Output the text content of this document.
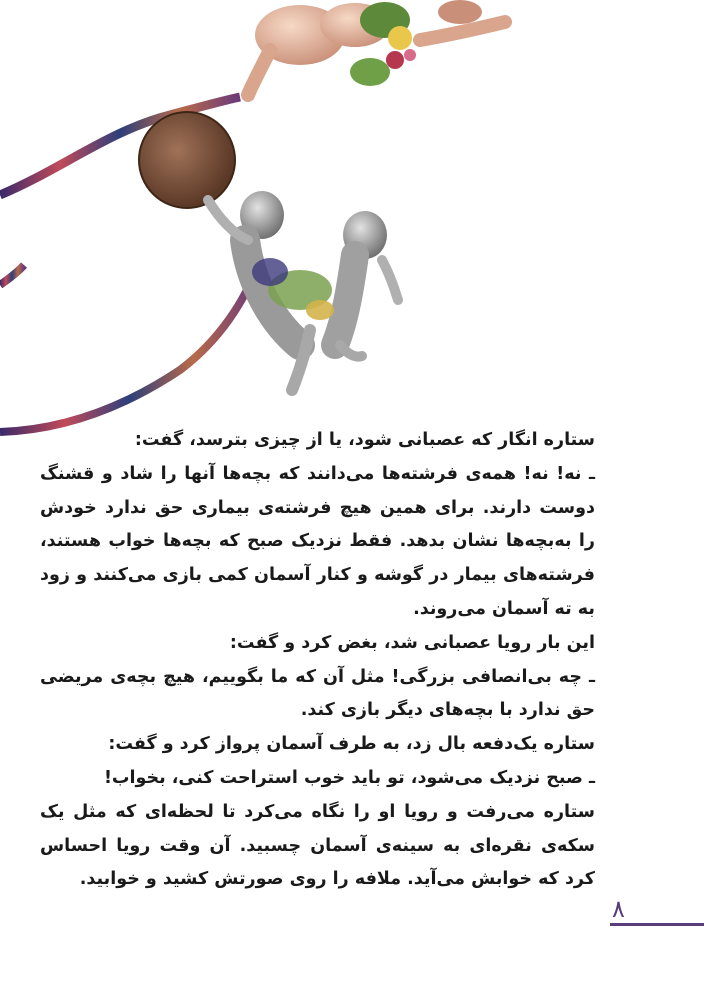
ستاره انگار که عصبانی شود، یا از چیزی بترسد، گفت:

ـ نه! نه! همه‌ی فرشته‌ها می‌دانند که بچه‌ها آنها را شاد و قشنگ دوست دارند. برای همین هیچ فرشته‌ی بیماری حق ندارد خودش را به‌بچه‌ها نشان بدهد. فقط نزدیک صبح که بچه‌ها خواب هستند، فرشته‌های بیمار در گوشه و کنار آسمان کمی بازی می‌کنند و زود به ته آسمان می‌روند.

این بار رویا عصبانی شد، بغض کرد و گفت:

ـ چه بی‌انصافی بزرگی! مثل آن که ما بگوییم، هیچ بچه‌ی مریضی حق ندارد با بچه‌های دیگر بازی کند.

ستاره یک‌دفعه بال زد، به طرف آسمان پرواز کرد و گفت:

ـ صبح نزدیک می‌شود، تو باید خوب استراحت کنی، بخواب!

ستاره می‌رفت و رویا او را نگاه می‌کرد تا لحظه‌ای که مثل یک سکه‌ی نقره‌ای به سینه‌ی آسمان چسبید. آن وقت رویا احساس کرد که خوابش می‌آید. ملافه را روی صورتش کشید و خوابید.

۸
